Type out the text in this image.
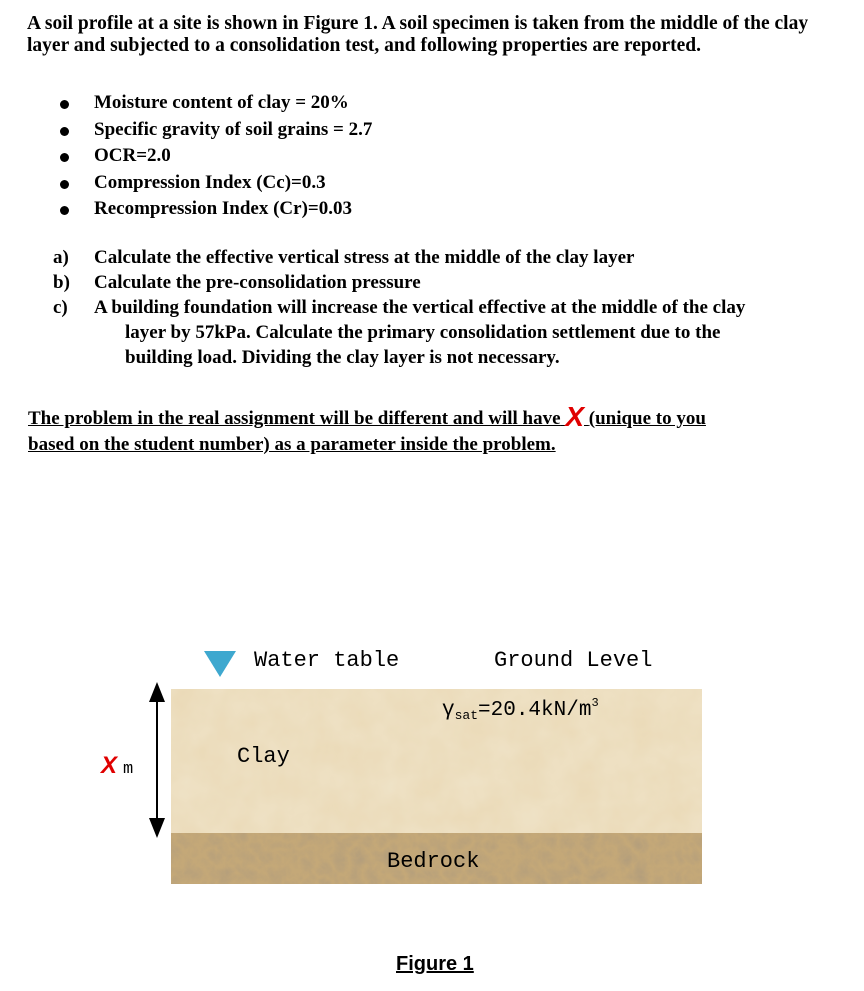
A soil profile at a site is shown in Figure 1. A soil specimen is taken from the middle of the clay layer and subjected to a consolidation test, and following properties are reported.
Moisture content of clay = 20%
Specific gravity of soil grains = 2.7
OCR=2.0
Compression Index (Cc)=0.3
Recompression Index (Cr)=0.03
a)	Calculate the effective vertical stress at the middle of the clay layer
b)	Calculate the pre-consolidation pressure
c)	A building foundation will increase the vertical effective at the middle of the clay
layer by 57kPa. Calculate the primary consolidation settlement due to the
building load. Dividing the clay layer is not necessary.
The problem in the real assignment will be different and will have X (unique to you
based on the student number) as a parameter inside the problem.
Water table	Ground Level
$\gamma_{sat}=20.4kN/m^3$
Clay
Bedrock
X m
Figure 1
